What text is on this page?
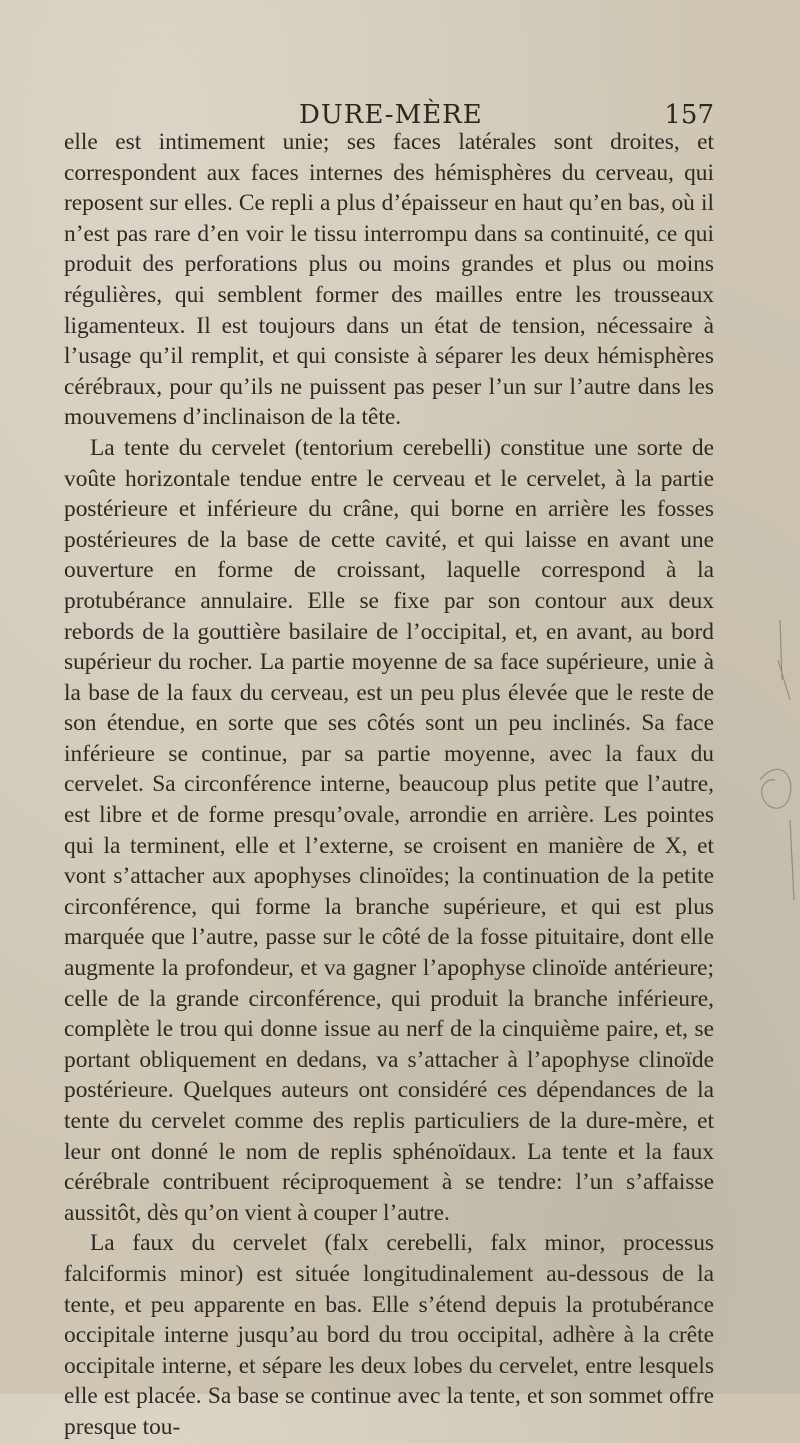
DURE-MÈRE	157

elle est intimement unie; ses faces latérales sont droites, et correspondent aux faces internes des hémisphères du cerveau, qui reposent sur elles. Ce repli a plus d’épaisseur en haut qu’en bas, où il n’est pas rare d’en voir le tissu interrompu dans sa continuité, ce qui produit des perforations plus ou moins grandes et plus ou moins régulières, qui semblent former des mailles entre les trousseaux ligamenteux. Il est toujours dans un état de tension, nécessaire à l’usage qu’il remplit, et qui consiste à séparer les deux hémisphères cérébraux, pour qu’ils ne puissent pas peser l’un sur l’autre dans les mouvemens d’inclinaison de la tête.

La tente du cervelet (tentorium cerebelli) constitue une sorte de voûte horizontale tendue entre le cerveau et le cervelet, à la partie postérieure et inférieure du crâne, qui borne en arrière les fosses postérieures de la base de cette cavité, et qui laisse en avant une ouverture en forme de croissant, laquelle correspond à la protubérance annulaire. Elle se fixe par son contour aux deux rebords de la gouttière basilaire de l’occipital, et, en avant, au bord supérieur du rocher. La partie moyenne de sa face supérieure, unie à la base de la faux du cerveau, est un peu plus élevée que le reste de son étendue, en sorte que ses côtés sont un peu inclinés. Sa face inférieure se continue, par sa partie moyenne, avec la faux du cervelet. Sa circonférence interne, beaucoup plus petite que l’autre, est libre et de forme presqu’ovale, arrondie en arrière. Les pointes qui la terminent, elle et l’externe, se croisent en manière de X, et vont s’attacher aux apophyses clinoïdes; la continuation de la petite circonférence, qui forme la branche supérieure, et qui est plus marquée que l’autre, passe sur le côté de la fosse pituitaire, dont elle augmente la profondeur, et va gagner l’apophyse clinoïde antérieure; celle de la grande circonférence, qui produit la branche inférieure, complète le trou qui donne issue au nerf de la cinquième paire, et, se portant obliquement en dedans, va s’attacher à l’apophyse clinoïde postérieure. Quelques auteurs ont considéré ces dépendances de la tente du cervelet comme des replis particuliers de la dure-mère, et leur ont donné le nom de replis sphénoïdaux. La tente et la faux cérébrale contribuent réciproquement à se tendre: l’un s’affaisse aussitôt, dès qu’on vient à couper l’autre.

La faux du cervelet (falx cerebelli, falx minor, processus falciformis minor) est située longitudinalement au-dessous de la tente, et peu apparente en bas. Elle s’étend depuis la protubérance occipitale interne jusqu’au bord du trou occipital, adhère à la crête occipitale interne, et sépare les deux lobes du cervelet, entre lesquels elle est placée. Sa base se continue avec la tente, et son sommet offre presque tou-
